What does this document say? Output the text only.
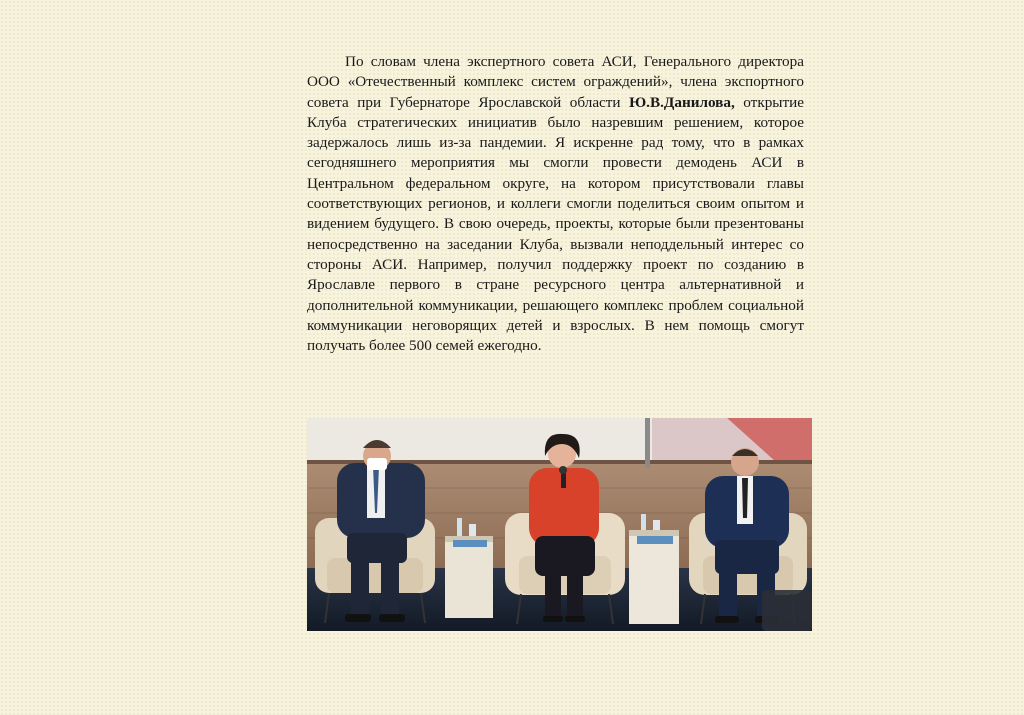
По словам члена экспертного совета АСИ, Генерального директора ООО «Отечественный комплекс систем ограждений», члена экспортного совета при Губернаторе Ярославской области Ю.В.Данилова, открытие Клуба стратегических инициатив было назревшим решением, которое задержалось лишь из-за пандемии. Я искренне рад тому, что в рамках сегодняшнего мероприятия мы смогли провести демодень АСИ в Центральном федеральном округе, на котором присутствовали главы соответствующих регионов, и коллеги смогли поделиться своим опытом и видением будущего. В свою очередь, проекты, которые были презентованы непосредственно на заседании Клуба, вызвали неподдельный интерес со стороны АСИ. Например, получил поддержку проект по созданию в Ярославле первого в стране ресурсного центра альтернативной и дополнительной коммуникации, решающего комплекс проблем социальной коммуникации неговорящих детей и взрослых. В нем помощь смогут получать более 500 семей ежегодно.
